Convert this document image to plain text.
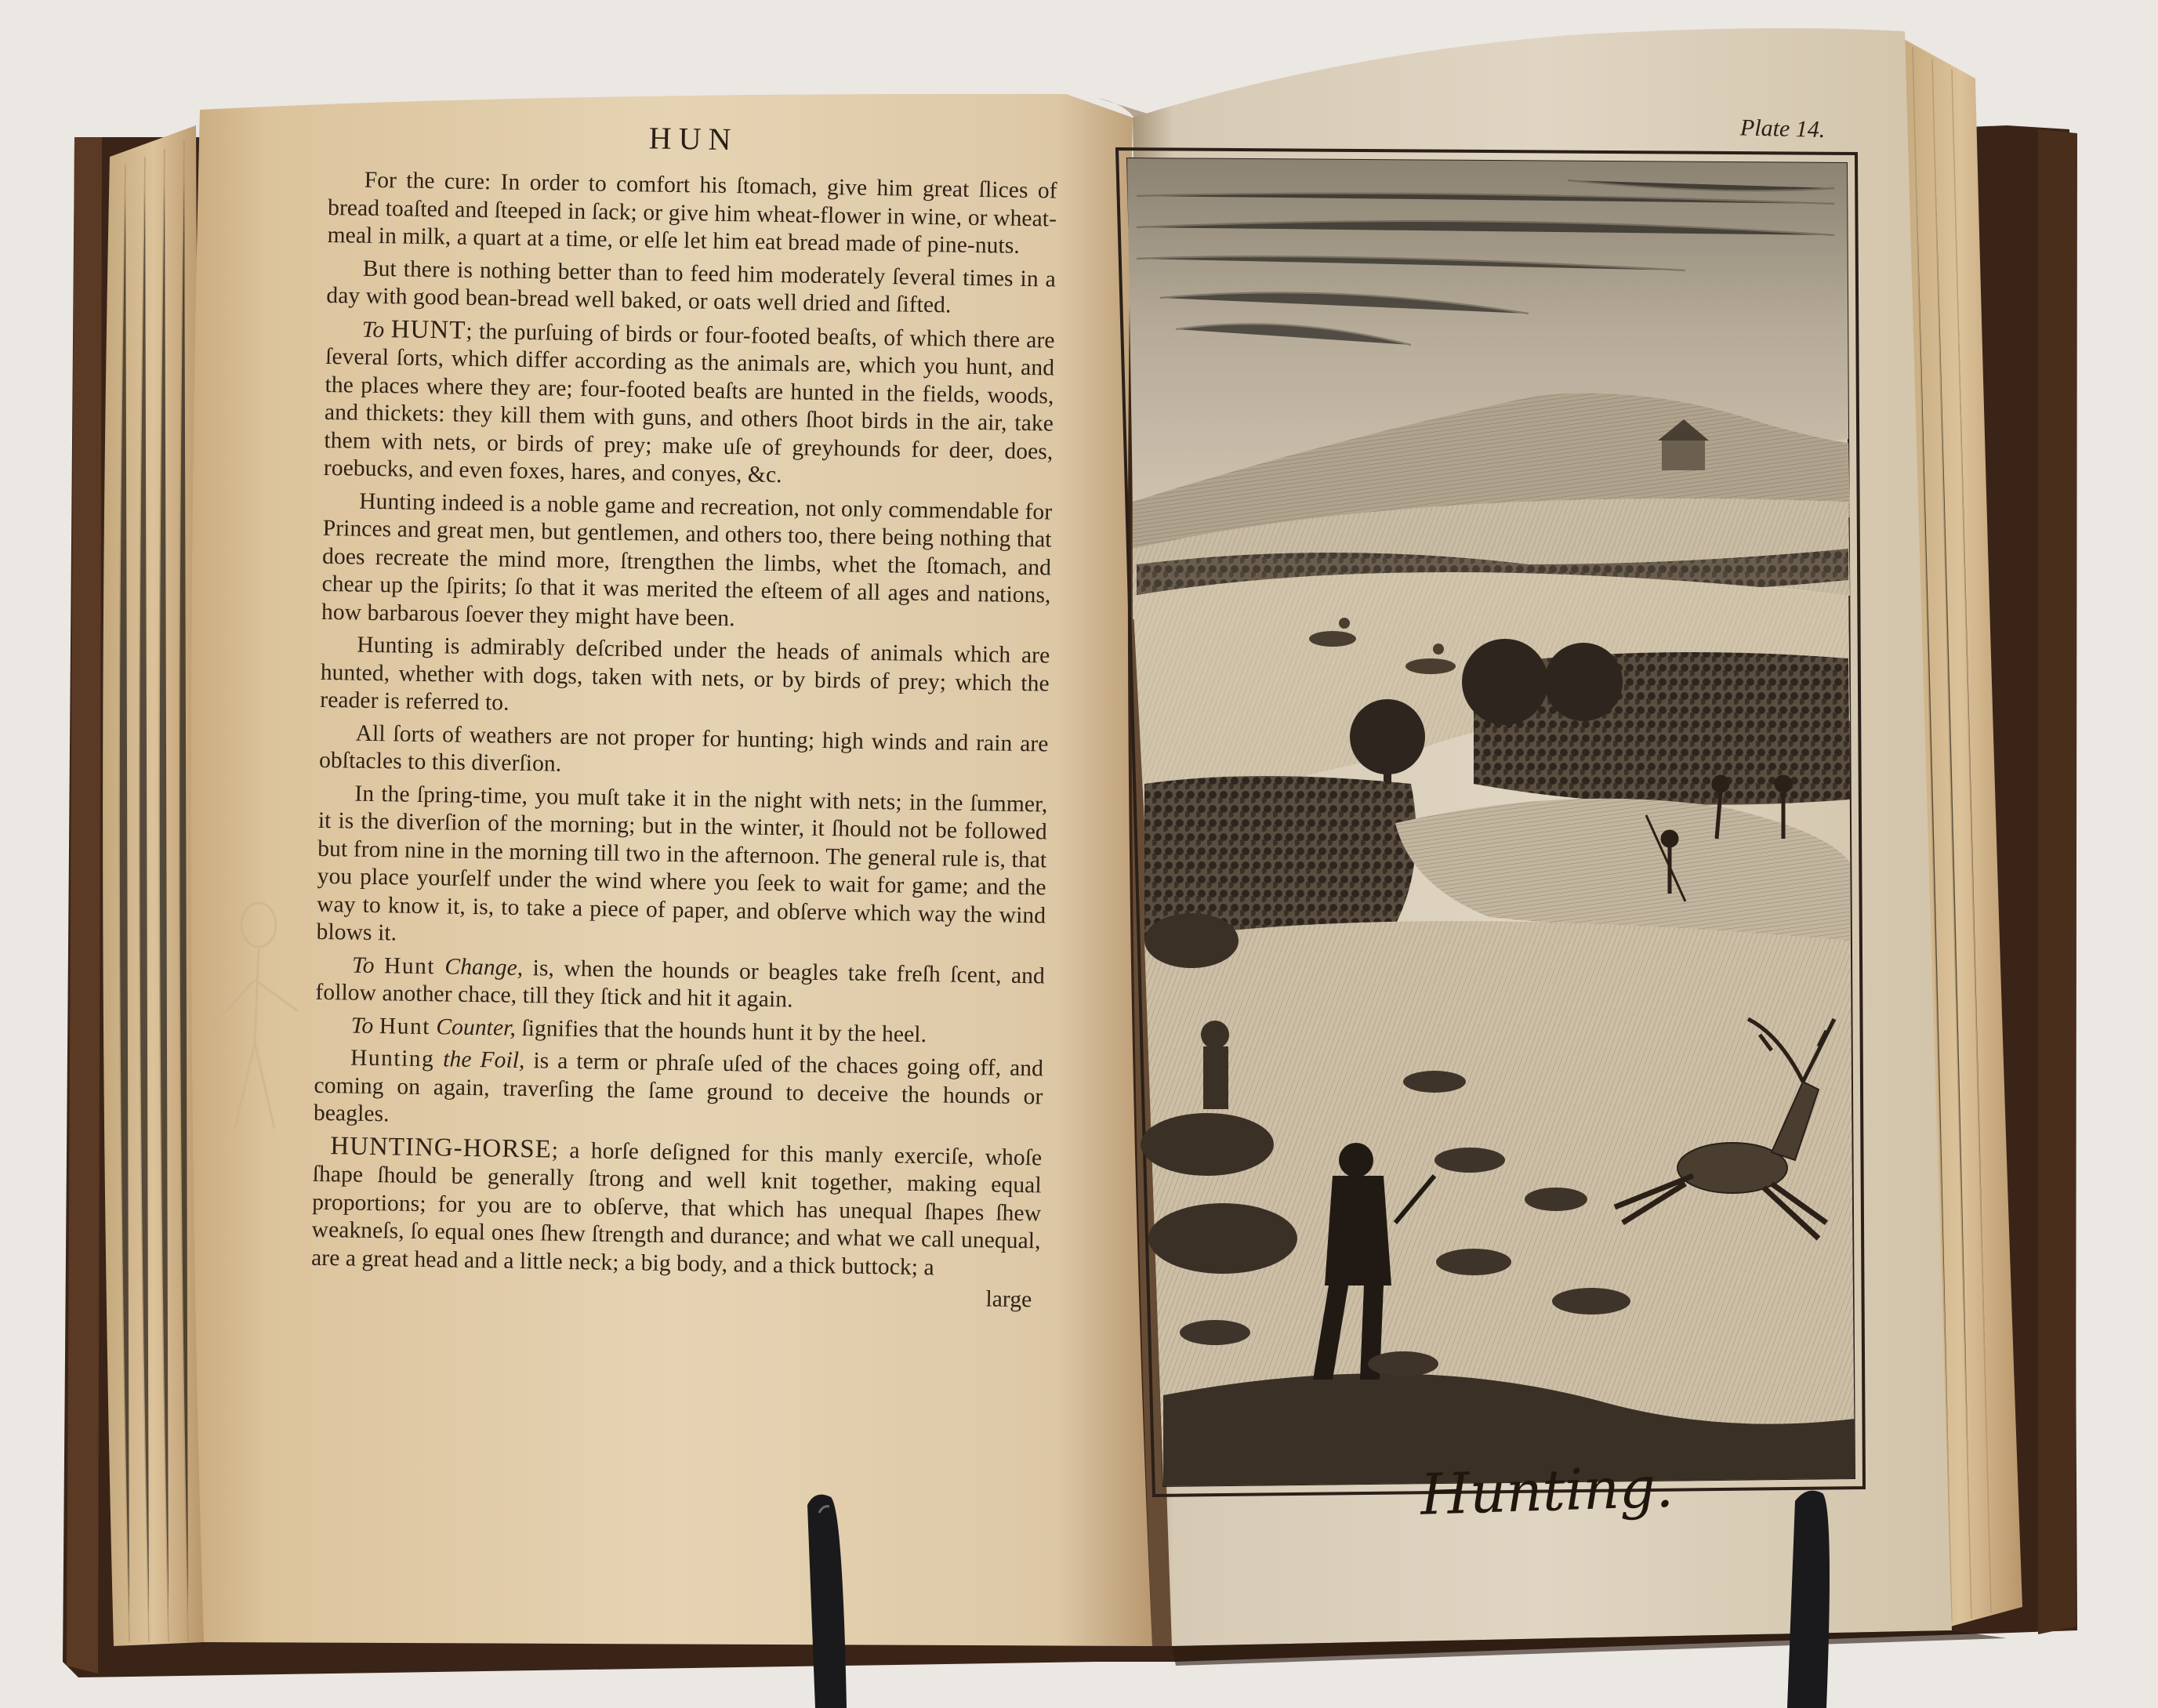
HUN

For the cure: In order to comfort his ſtomach, give him great ſlices of bread toaſted and ſteeped in ſack; or give him wheat-flower in wine, or wheat-meal in milk, a quart at a time, or elſe let him eat bread made of pine-nuts.

But there is nothing better than to feed him moderately ſeveral times in a day with good bean-bread well baked, or oats well dried and ſifted.

To HUNT; the purſuing of birds or four-footed beaſts, of which there are ſeveral ſorts, which differ according as the animals are, which you hunt, and the places where they are; four-footed beaſts are hunted in the fields, woods, and thickets: they kill them with guns, and others ſhoot birds in the air, take them with nets, or birds of prey; make uſe of greyhounds for deer, does, roebucks, and even foxes, hares, and conyes, &c.

Hunting indeed is a noble game and recreation, not only commendable for Princes and great men, but gentlemen, and others too, there being nothing that does recreate the mind more, ſtrengthen the limbs, whet the ſtomach, and chear up the ſpirits; ſo that it was merited the eſteem of all ages and nations, how barbarous ſoever they might have been.

Hunting is admirably deſcribed under the heads of animals which are hunted, whether with dogs, taken with nets, or by birds of prey; which the reader is referred to.

All ſorts of weathers are not proper for hunting; high winds and rain are obſtacles to this diverſion.

In the ſpring-time, you muſt take it in the night with nets; in the ſummer, it is the diverſion of the morning; but in the winter, it ſhould not be followed but from nine in the morning till two in the afternoon. The general rule is, that you place yourſelf under the wind where you ſeek to wait for game; and the way to know it, is, to take a piece of paper, and obſerve which way the wind blows it.

To Hunt Change, is, when the hounds or beagles take freſh ſcent, and follow another chace, till they ſtick and hit it again.

To Hunt Counter, ſignifies that the hounds hunt it by the heel.

Hunting the Foil, is a term or phraſe uſed of the chaces going off, and coming on again, traverſing the ſame ground to deceive the hounds or beagles.

HUNTING-HORSE; a horſe deſigned for this manly exerciſe, whoſe ſhape ſhould be generally ſtrong and well knit together, making equal proportions; for you are to obſerve, that which has unequal ſhapes ſhew weakneſs, ſo equal ones ſhew ſtrength and durance; and what we call unequal, are a great head and a little neck; a big body, and a thick buttock; a

large
Plate 14.
Hunting.
